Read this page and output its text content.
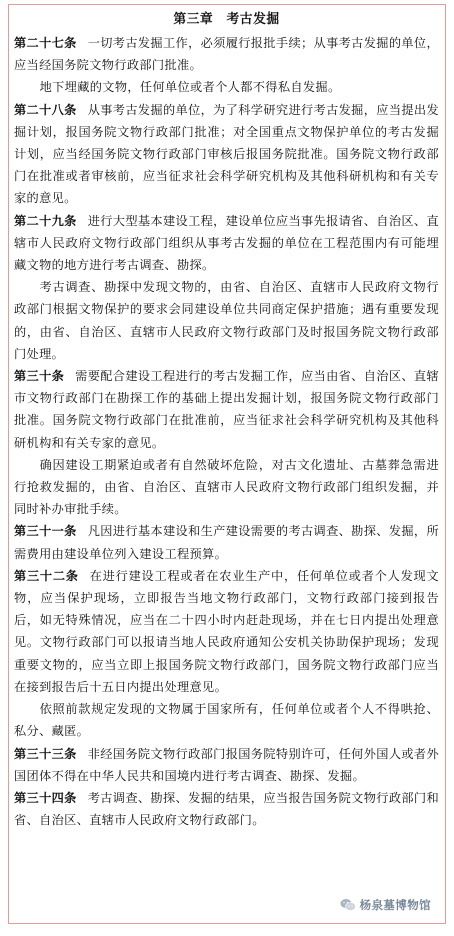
第三章　考古发掘

第二十七条 一切考古发掘工作，必须履行报批手续；从事考古发掘的单位，应当经国务院文物行政部门批准。

地下埋藏的文物，任何单位或者个人都不得私自发掘。

第二十八条 从事考古发掘的单位，为了科学研究进行考古发掘，应当提出发掘计划，报国务院文物行政部门批准；对全国重点文物保护单位的考古发掘计划，应当经国务院文物行政部门审核后报国务院批准。国务院文物行政部门在批准或者审核前，应当征求社会科学研究机构及其他科研机构和有关专家的意见。

第二十九条 进行大型基本建设工程，建设单位应当事先报请省、自治区、直辖市人民政府文物行政部门组织从事考古发掘的单位在工程范围内有可能埋藏文物的地方进行考古调查、勘探。

考古调查、勘探中发现文物的，由省、自治区、直辖市人民政府文物行政部门根据文物保护的要求会同建设单位共同商定保护措施；遇有重要发现的，由省、自治区、直辖市人民政府文物行政部门及时报国务院文物行政部门处理。

第三十条 需要配合建设工程进行的考古发掘工作，应当由省、自治区、直辖市文物行政部门在勘探工作的基础上提出发掘计划，报国务院文物行政部门批准。国务院文物行政部门在批准前，应当征求社会科学研究机构及其他科研机构和有关专家的意见。

确因建设工期紧迫或者有自然破坏危险，对古文化遗址、古墓葬急需进行抢救发掘的，由省、自治区、直辖市人民政府文物行政部门组织发掘，并同时补办审批手续。

第三十一条 凡因进行基本建设和生产建设需要的考古调查、勘探、发掘，所需费用由建设单位列入建设工程预算。

第三十二条 在进行建设工程或者在农业生产中，任何单位或者个人发现文物，应当保护现场，立即报告当地文物行政部门，文物行政部门接到报告后，如无特殊情况，应当在二十四小时内赶赴现场，并在七日内提出处理意见。文物行政部门可以报请当地人民政府通知公安机关协助保护现场；发现重要文物的，应当立即上报国务院文物行政部门，国务院文物行政部门应当在接到报告后十五日内提出处理意见。

依照前款规定发现的文物属于国家所有，任何单位或者个人不得哄抢、私分、藏匿。

第三十三条 非经国务院文物行政部门报国务院特别许可，任何外国人或者外国团体不得在中华人民共和国境内进行考古调查、勘探、发掘。

第三十四条 考古调查、勘探、发掘的结果，应当报告国务院文物行政部门和省、自治区、直辖市人民政府文物行政部门。

杨泉墓博物馆
